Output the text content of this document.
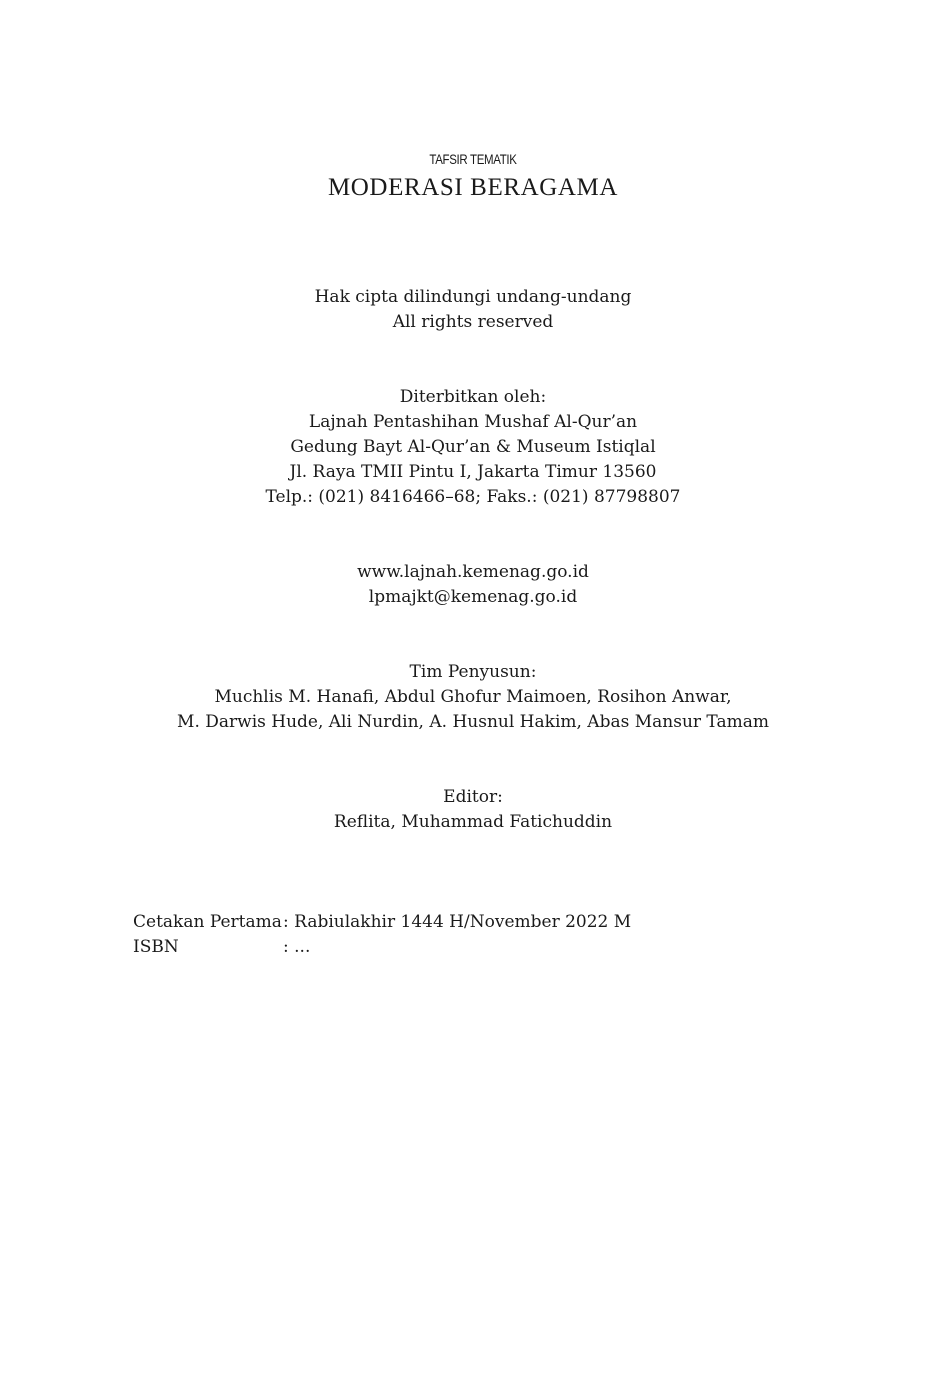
TAFSIR TEMATIK
MODERASI BERAGAMA
Hak cipta dilindungi undang-undang
All rights reserved
Diterbitkan oleh:
Lajnah Pentashihan Mushaf Al-Qur’an
Gedung Bayt Al-Qur’an & Museum Istiqlal
Jl. Raya TMII Pintu I, Jakarta Timur 13560
Telp.: (021) 8416466–68; Faks.: (021) 87798807
www.lajnah.kemenag.go.id
lpmajkt@kemenag.go.id
Tim Penyusun:
Muchlis M. Hanafi, Abdul Ghofur Maimoen, Rosihon Anwar,
M. Darwis Hude, Ali Nurdin, A. Husnul Hakim, Abas Mansur Tamam
Editor:
Reflita, Muhammad Fatichuddin
Cetakan Pertama : Rabiulakhir 1444 H/November 2022 M
ISBN	: ...
